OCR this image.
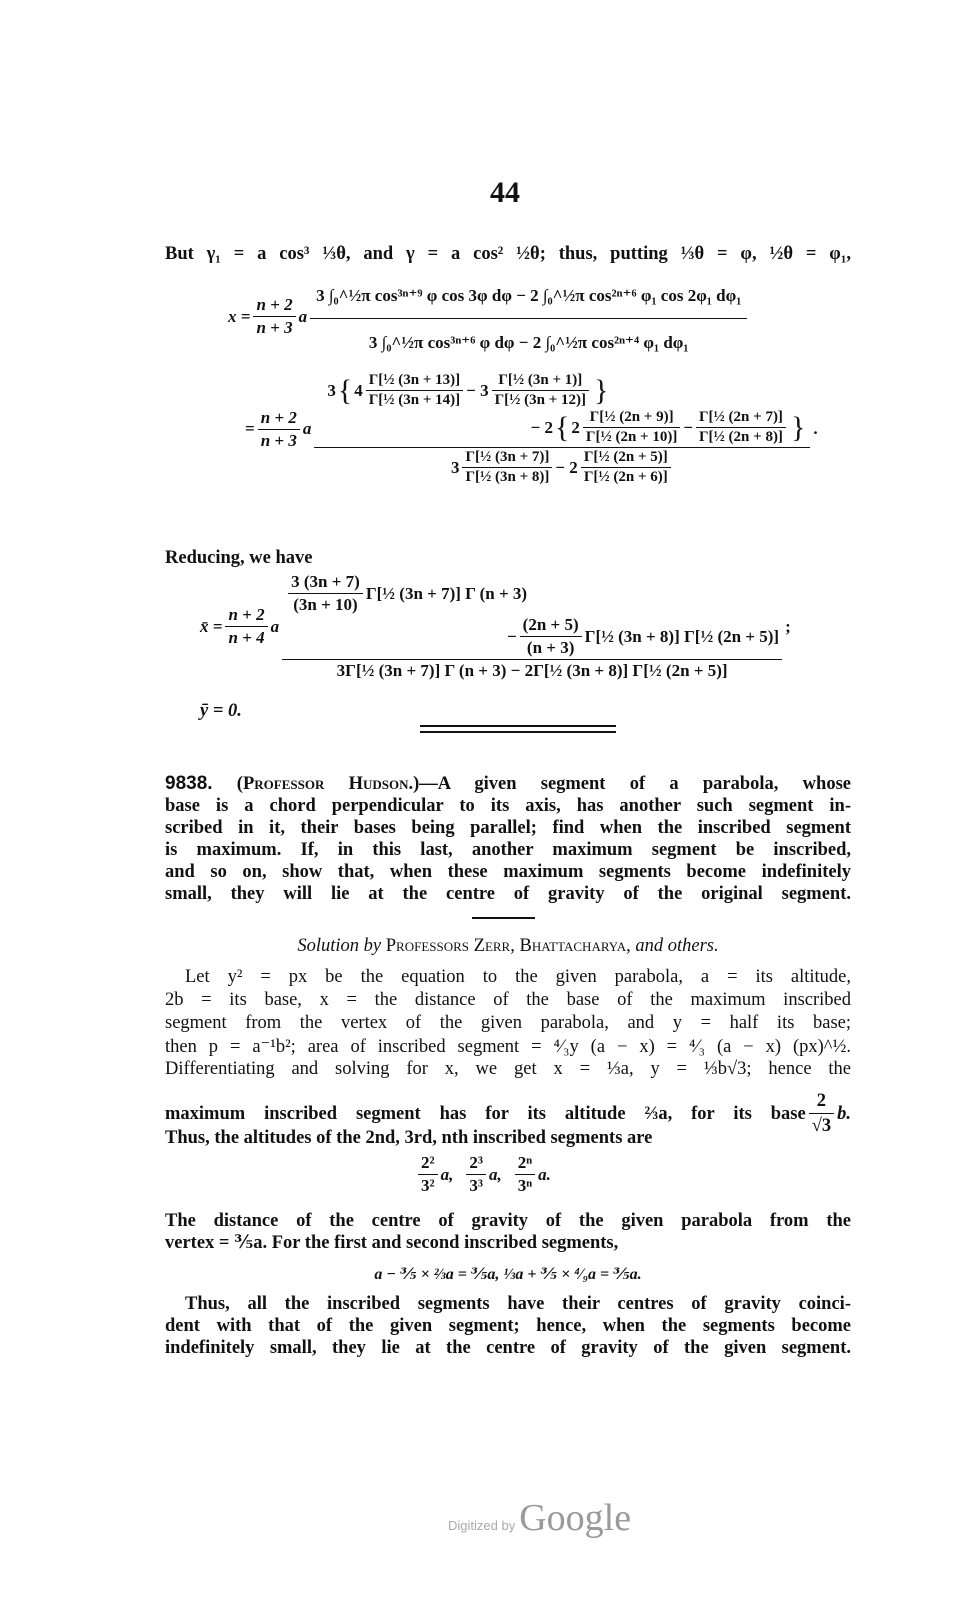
44
But γ₁ = a cos³ ⅓θ, and γ = a cos² ½θ; thus, putting ⅓θ = φ, ½θ = φ₁,
$x = \frac{n + 2}{n + 3}$ a $\frac{\text{3 ∫₀\textasciicircum{}½π cos³ⁿ⁺⁹ φ cos 3φ dφ − 2 ∫₀\textasciicircum{}½π cos²ⁿ⁺⁶ φ₁ cos 2φ₁ dφ₁}}{\text{3 ∫₀\textasciicircum{}½π cos³ⁿ⁺⁶ φ dφ − 2 ∫₀\textasciicircum{}½π cos²ⁿ⁺⁴ φ₁ dφ₁}}$
= $\frac{n + 2}{n + 3}$ a
3 { $4 \frac{\text{Γ[½ (3n + 13)]}}{\text{Γ[½ (3n + 14)]}} - 3 \frac{\text{Γ[½ (3n + 1)]}}{\text{Γ[½ (3n + 12)]}}$ }
− 2 { $2 \frac{\text{Γ[½ (2n + 9)]}}{\text{Γ[½ (2n + 10)]}} - \frac{\text{Γ[½ (2n + 7)]}}{\text{Γ[½ (2n + 8)]}}$ }
$3 \frac{\text{Γ[½ (3n + 7)]}}{\text{Γ[½ (3n + 8)]}} - 2 \frac{\text{Γ[½ (2n + 5)]}}{\text{Γ[½ (2n + 6)]}}$
.
Reducing, we have
x̄ = $\frac{n + 2}{n + 4}$ a
$\frac{3 (3n + 7)}{(3n + 10)}$ Γ[½ (3n + 7)] Γ (n + 3)
− $\frac{(2n + 5)}{(n + 3)}$ Γ[½ (3n + 8)] Γ[½ (2n + 5)]
3Γ[½ (3n + 7)] Γ (n + 3) − 2Γ[½ (3n + 8)] Γ[½ (2n + 5)]
;
ȳ = 0.
9838. (Professor Hudson.)—A given segment of a parabola, whose
base is a chord perpendicular to its axis, has another such segment in-
scribed in it, their bases being parallel; find when the inscribed segment
is maximum. If, in this last, another maximum segment be inscribed,
and so on, show that, when these maximum segments become indefinitely
small, they will lie at the centre of gravity of the original segment.
Solution by Professors Zerr, Bhattacharya, and others.
Let y² = px be the equation to the given parabola, a = its altitude,
2b = its base, x = the distance of the base of the maximum inscribed
segment from the vertex of the given parabola, and y = half its base;
then p = a⁻¹b²; area of inscribed segment = ⁴⁄₃y (a − x) = ⁴⁄₃ (a − x) (px)^½.
Differentiating and solving for x, we get x = ⅓a, y = ⅓b√3; hence the
maximum inscribed segment has for its altitude ⅔a, for its base $\frac{2}{√3} b$.
Thus, the altitudes of the 2nd, 3rd, nth inscribed segments are
$\frac{\text{2²}}{\text{3²}} a$, $\frac{\text{2³}}{\text{3³}} a$, $\frac{\text{2ⁿ}}{\text{3ⁿ}} a$.
The distance of the centre of gravity of the given parabola from the
vertex = ⅗a. For the first and second inscribed segments,
a − ⅗ × ⅔a = ⅗a, ⅓a + ⅗ × ⁴⁄₉a = ⅗a.
Thus, all the inscribed segments have their centres of gravity coinci-
dent with that of the given segment; hence, when the segments become
indefinitely small, they lie at the centre of gravity of the given segment.
Digitized by Google
